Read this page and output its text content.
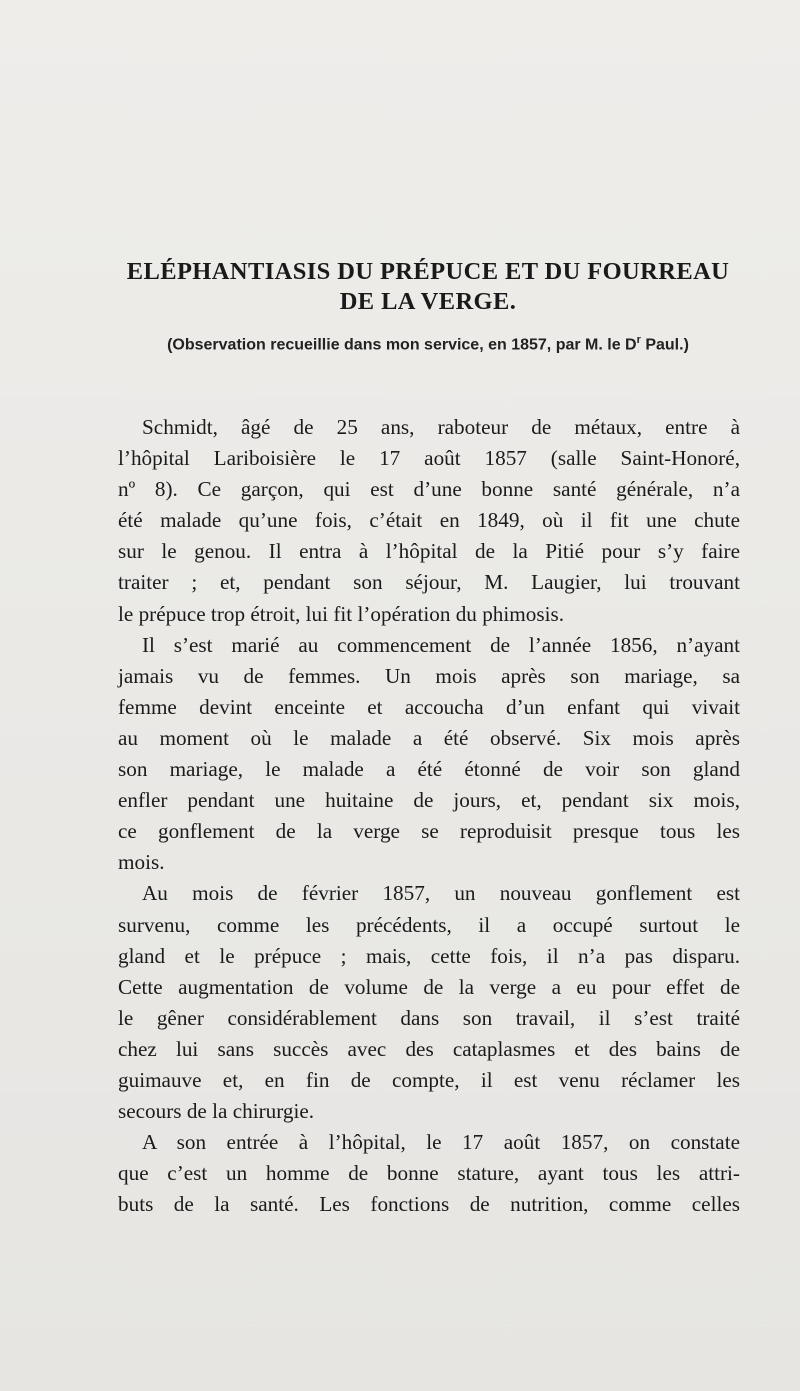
ELÉPHANTIASIS DU PRÉPUCE ET DU FOURREAU
DE LA VERGE.
(Observation recueillie dans mon service, en 1857, par M. le $D^r$ Paul.)
Schmidt, âgé de 25 ans, raboteur de métaux, entre à
l’hôpital Lariboisière le 17 août 1857 (salle Saint-Honoré,
nº 8). Ce garçon, qui est d’une bonne santé générale, n’a
été malade qu’une fois, c’était en 1849, où il fit une chute
sur le genou. Il entra à l’hôpital de la Pitié pour s’y faire
traiter ; et, pendant son séjour, M. Laugier, lui trouvant
le prépuce trop étroit, lui fit l’opération du phimosis.
Il s’est marié au commencement de l’année 1856, n’ayant
jamais vu de femmes. Un mois après son mariage, sa
femme devint enceinte et accoucha d’un enfant qui vivait
au moment où le malade a été observé. Six mois après
son mariage, le malade a été étonné de voir son gland
enfler pendant une huitaine de jours, et, pendant six mois,
ce gonflement de la verge se reproduisit presque tous les
mois.
Au mois de février 1857, un nouveau gonflement est
survenu, comme les précédents, il a occupé surtout le
gland et le prépuce ; mais, cette fois, il n’a pas disparu.
Cette augmentation de volume de la verge a eu pour effet de
le gêner considérablement dans son travail, il s’est traité
chez lui sans succès avec des cataplasmes et des bains de
guimauve et, en fin de compte, il est venu réclamer les
secours de la chirurgie.
A son entrée à l’hôpital, le 17 août 1857, on constate
que c’est un homme de bonne stature, ayant tous les attri-
buts de la santé. Les fonctions de nutrition, comme celles
